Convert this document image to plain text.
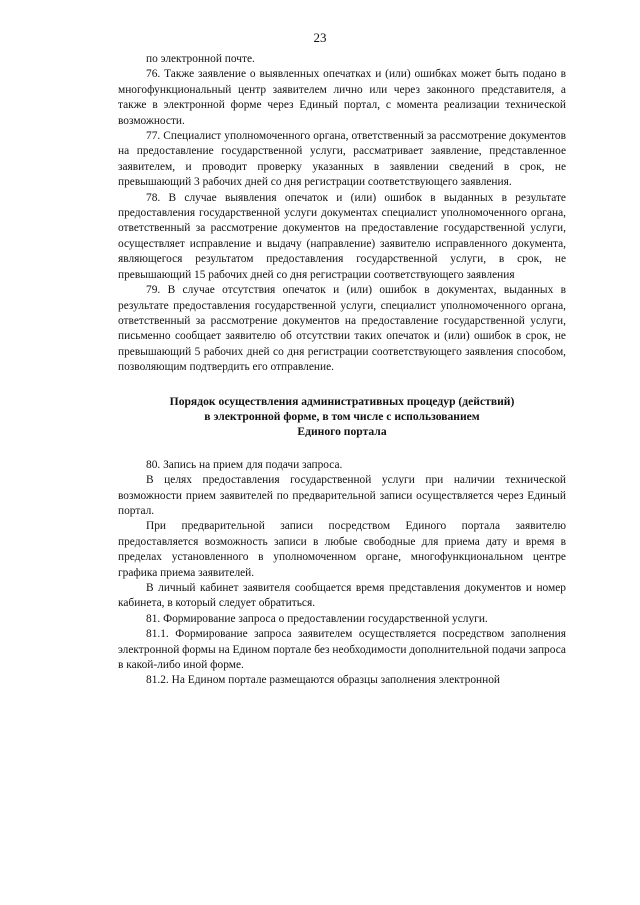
23

по электронной почте.

76. Также заявление о выявленных опечатках и (или) ошибках может быть подано в многофункциональный центр заявителем лично или через законного представителя, а также в электронной форме через Единый портал, с момента реализации технической возможности.

77. Специалист уполномоченного органа, ответственный за рассмотрение документов на предоставление государственной услуги, рассматривает заявление, представленное заявителем, и проводит проверку указанных в заявлении сведений в срок, не превышающий 3 рабочих дней со дня регистрации соответствующего заявления.

78. В случае выявления опечаток и (или) ошибок в выданных в результате предоставления государственной услуги документах специалист уполномоченного органа, ответственный за рассмотрение документов на предоставление государственной услуги, осуществляет исправление и выдачу (направление) заявителю исправленного документа, являющегося результатом предоставления государственной услуги, в срок, не превышающий 15 рабочих дней со дня регистрации соответствующего заявления

79. В случае отсутствия опечаток и (или) ошибок в документах, выданных в результате предоставления государственной услуги, специалист уполномоченного органа, ответственный за рассмотрение документов на предоставление государственной услуги, письменно сообщает заявителю об отсутствии таких опечаток и (или) ошибок в срок, не превышающий 5 рабочих дней со дня регистрации соответствующего заявления способом, позволяющим подтвердить его отправление.

Порядок осуществления административных процедур (действий)
в электронной форме, в том числе с использованием
Единого портала

80. Запись на прием для подачи запроса.

В целях предоставления государственной услуги при наличии технической возможности прием заявителей по предварительной записи осуществляется через Единый портал.

При предварительной записи посредством Единого портала заявителю предоставляется возможность записи в любые свободные для приема дату и время в пределах установленного в уполномоченном органе, многофункциональном центре графика приема заявителей.

В личный кабинет заявителя сообщается время представления документов и номер кабинета, в который следует обратиться.

81. Формирование запроса о предоставлении государственной услуги.

81.1. Формирование запроса заявителем осуществляется посредством заполнения электронной формы на Едином портале без необходимости дополнительной подачи запроса в какой-либо иной форме.

81.2. На Едином портале размещаются образцы заполнения электронной
